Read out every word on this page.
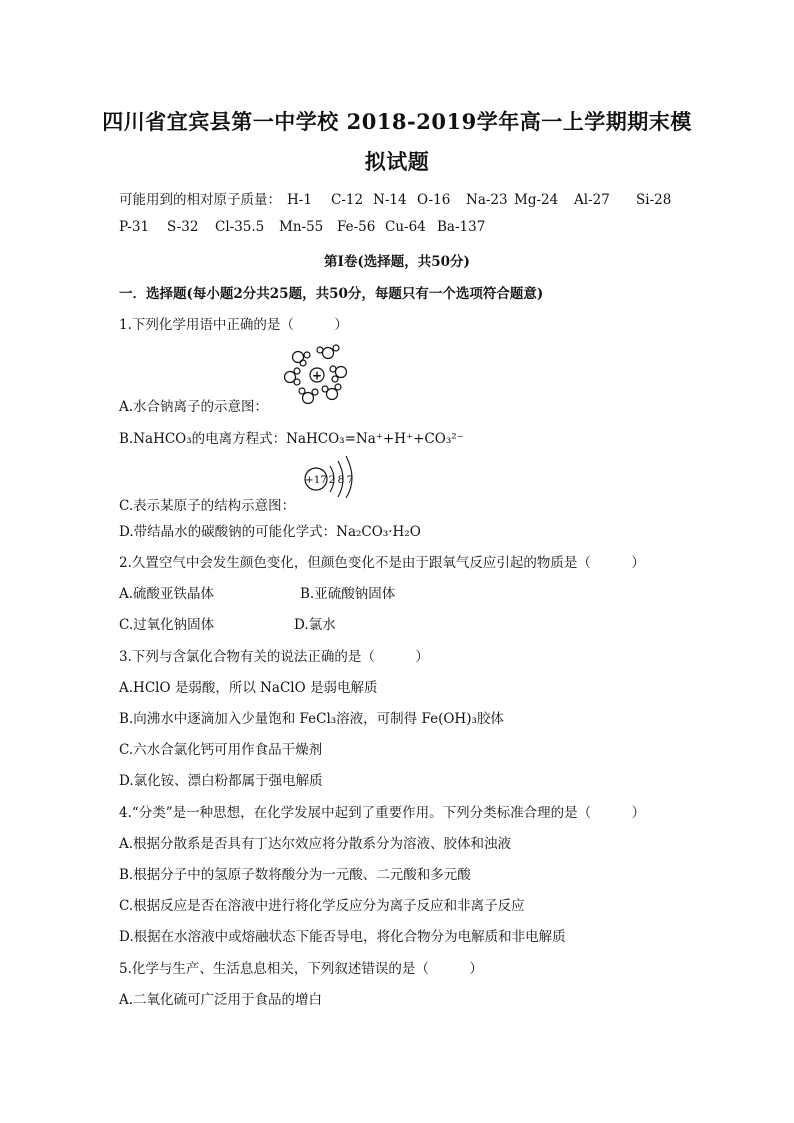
四川省宜宾县第一中学校 2018-2019学年高一上学期期末模
拟试题
可能用到的相对原子质量： H-1 C-12 N-14 O-16 Na-23 Mg-24 Al-27 Si-28
P-31 S-32 Cl-35.5 Mn-55 Fe-56 Cu-64 Ba-137
第Ⅰ卷(选择题，共50分)
一．选择题(每小题2分共25题，共50分，每题只有一个选项符合题意)
1.下列化学用语中正确的是（　　　）
+
A.水合钠离子的示意图：
B.NaHCO₃的电离方程式：NaHCO₃=Na⁺+H⁺+CO₃²⁻
+17 2 8 7
C.表示某原子的结构示意图：
D.带结晶水的碳酸钠的可能化学式：Na₂CO₃·H₂O
2.久置空气中会发生颜色变化，但颜色变化不是由于跟氧气反应引起的物质是（　　　）
A.硫酸亚铁晶体	B.亚硫酸钠固体
C.过氧化钠固体	D.氯水
3.下列与含氯化合物有关的说法正确的是（　　　）
A.HClO 是弱酸，所以 NaClO 是弱电解质
B.向沸水中逐滴加入少量饱和 FeCl₃溶液，可制得 Fe(OH)₃胶体
C.六水合氯化钙可用作食品干燥剂
D.氯化铵、漂白粉都属于强电解质
4.“分类”是一种思想，在化学发展中起到了重要作用。下列分类标准合理的是（　　　）
A.根据分散系是否具有丁达尔效应将分散系分为溶液、胶体和浊液
B.根据分子中的氢原子数将酸分为一元酸、二元酸和多元酸
C.根据反应是否在溶液中进行将化学反应分为离子反应和非离子反应
D.根据在水溶液中或熔融状态下能否导电，将化合物分为电解质和非电解质
5.化学与生产、生活息息相关，下列叙述错误的是（　　　）
A.二氧化硫可广泛用于食品的增白
